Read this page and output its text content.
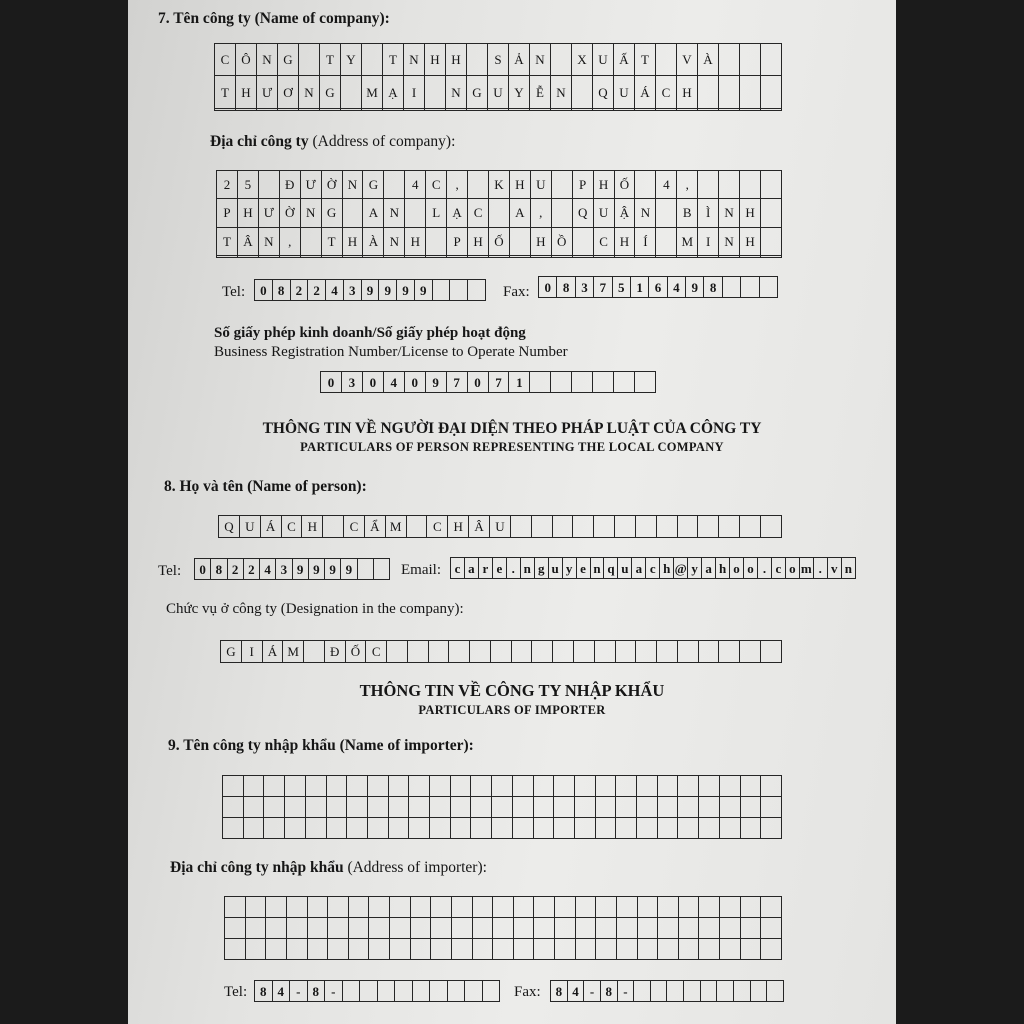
7. Tên công ty (Name of company):
C	Ô	N	G		T	Y		T	N	H	H		S	Ả	N		X	U	Ấ	T		V	À			
T	H	Ư	Ơ	N	G		M	Ạ	I		N	G	U	Y	Ễ	N		Q	U	Á	C	H				

Địa chỉ công ty (Address of company):
2	5		Đ	Ư	Ờ	N	G		4	C	,		K	H	U		P	H	Ố		4	,				
P	H	Ư	Ờ	N	G		A	N		L	Ạ	C		A	,		Q	U	Ậ	N		B	Ì	N	H	
T	Â	N	,		T	H	À	N	H		P	H	Ố		H	Ồ		C	H	Í		M	I	N	H	

Tel: 0	8	2	2	4	3	9	9	9	9				Fax: 0	8	3	7	5	1	6	4	9	8			
Số giấy phép kinh doanh/Số giấy phép hoạt động
Business Registration Number/License to Operate Number
0	3	0	4	0	9	7	0	7	1						
THÔNG TIN VỀ NGƯỜI ĐẠI DIỆN THEO PHÁP LUẬT CỦA CÔNG TY
PARTICULARS OF PERSON REPRESENTING THE LOCAL COMPANY
8. Họ và tên (Name of person):
Q	U	Á	C	H		C	Ẩ	M		C	H	Â	U													
Tel: 0	8	2	2	4	3	9	9	9	9			Email: c	a	r	e	.	n	g	u	y	e	n	q	u	a	c	h	@	y	a	h	o	o	.	c	o	m	.	v	n
Chức vụ ở công ty (Designation in the company):
G	I	Á	M		Đ	Ố	C																			
THÔNG TIN VỀ CÔNG TY NHẬP KHẨU
PARTICULARS OF IMPORTER
9. Tên công ty nhập khẩu (Name of importer):

Địa chỉ công ty nhập khẩu (Address of importer):

Tel: 8	4	-	8	-										Fax: 8	4	-	8	-									
